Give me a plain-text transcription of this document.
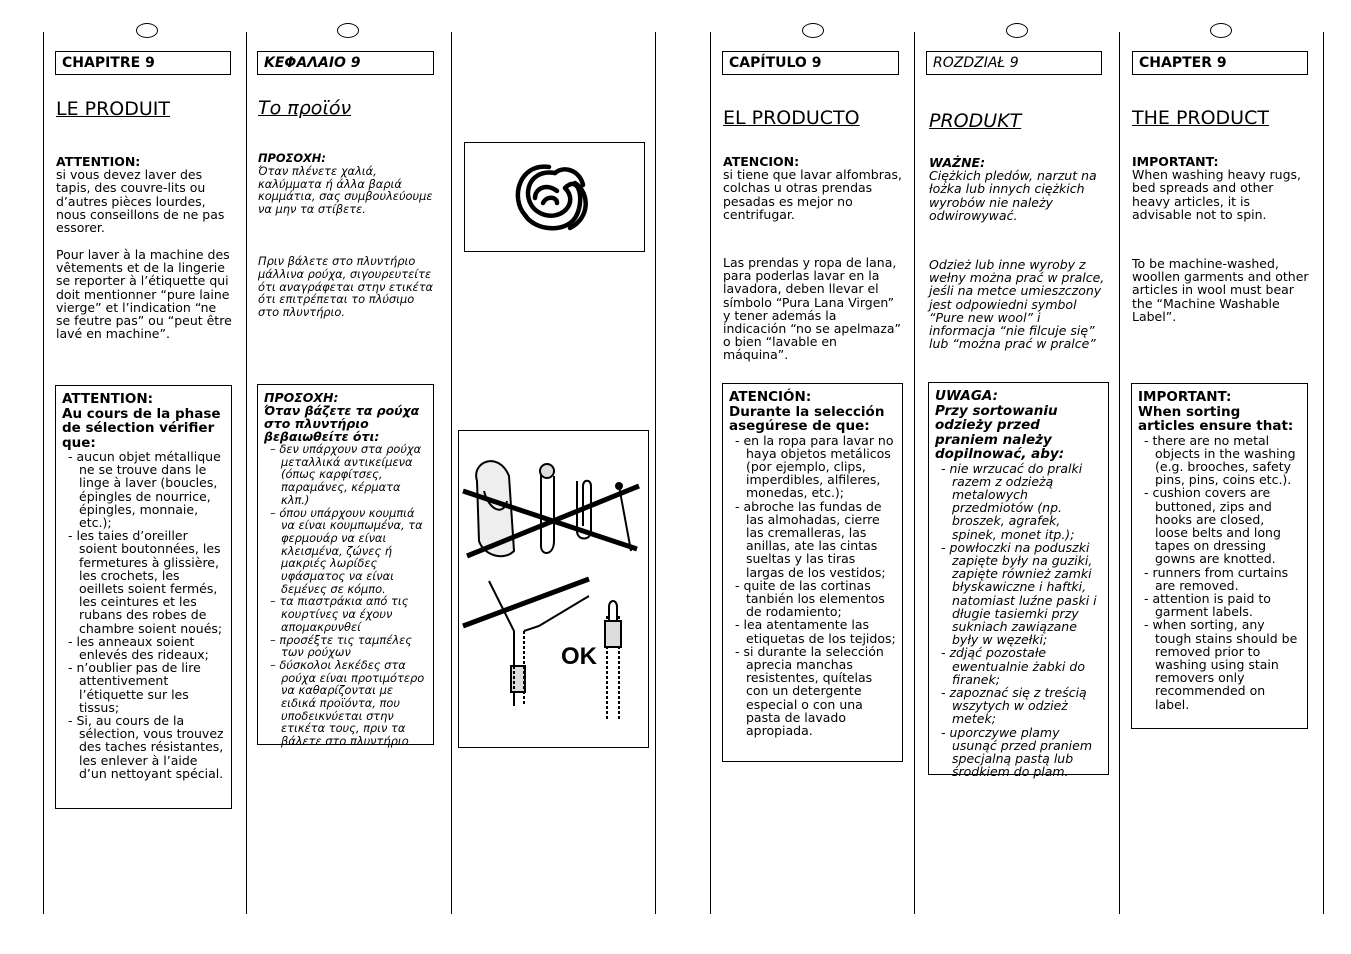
CHAPITRE 9
LE PRODUIT

ATTENTION:

si vous devez laver des tapis, des couvre-lits ou d’autres pièces lourdes, nous conseillons de ne pas essorer.

Pour laver à la machine des vêtements et de la lingerie se reporter à l’étiquette qui doit mentionner “pure laine vierge” et l’indication “ne se feutre pas” ou “peut être lavé en machine”.
ATTENTION:
Au cours de la phase de sélection vérifier que:
- aucun objet métallique ne se trouve dans le linge à laver (boucles, épingles de nourrice, épingles, monnaie, etc.);
- les taies d’oreiller soient boutonnées, les fermetures à glissière, les crochets, les oeillets soient fermés, les ceintures et les rubans des robes de chambre soient noués;
- les anneaux soient enlevés des rideaux;
- n’oublier pas de lire attentivement l’étiquette sur les tissus;
- Si, au cours de la sélection, vous trouvez des taches résistantes, les enlever à l’aide d’un nettoyant spécial.
ΚΕΦΑΛΑΙΟ 9
Το προϊόν

ΠΡΟΣΟΧΗ:

Όταν πλένετε χαλιά, καλύμματα ή άλλα βαριά κομμάτια, σας συμβουλεύουμε να μην τα στίβετε.

Πριν βάλετε στο πλυντήριο μάλλινα ρούχα, σιγουρευτείτε ότι αναγράφεται στην ετικέτα ότι επιτρέπεται το πλύσιμο στο πλυντήριο.
ΠΡΟΣΟΧΗ:
Όταν βάζετε τα ρούχα στο πλυντήριο βεβαιωθείτε ότι:
– δεν υπάρχουν στα ρούχα μεταλλικά αντικείμενα (όπως καρφίτσες, παραμάνες, κέρματα κλπ.)
– όπου υπάρχουν κουμπιά να είναι κουμπωμένα, τα φερμουάρ να είναι κλεισμένα, ζώνες ή μακριές λωρίδες υφάσματος να είναι δεμένες σε κόμπο.
– τα πιαστράκια από τις κουρτίνες να έχουν απομακρυνθεί
– προσέξτε τις ταμπέλες των ρούχων
– δύσκολοι λεκέδες στα ρούχα είναι προτιμότερο να καθαρίζονται με ειδικά προϊόντα, που υποδεικνύεται στην ετικέτα τους, πριν τα βάλετε στο πλυντήριο
OK
CAPÍTULO 9
EL PRODUCTO

ATENCION:

si tiene que lavar alfombras, colchas u otras prendas pesadas es mejor no centrifugar.

Las prendas y ropa de lana, para poderlas lavar en la lavadora, deben llevar el símbolo “Pura Lana Virgen” y tener además la indicación “no se apelmaza” o bien “lavable en máquina”.
ATENCIÓN:
Durante la selección asegúrese de que:
- en la ropa para lavar no haya objetos metálicos (por ejemplo, clips, imperdibles, alfileres, monedas, etc.);
- abroche las fundas de las almohadas, cierre las cremalleras, las anillas, ate las cintas sueltas y las tiras largas de los vestidos;
- quite de las cortinas tanbién los elementos de rodamiento;
- lea atentamente las etiquetas de los tejidos;
- si durante la selección aprecia manchas resistentes, quítelas con un detergente especial o con una pasta de lavado apropiada.
ROZDZIAŁ 9
PRODUKT

WAŻNE:

Ciężkich pledów, narzut na łożka lub innych ciężkich wyrobów nie należy odwirowywać.

Odzież lub inne wyroby z wełny można prać w pralce, jeśli na metce umieszczony jest odpowiedni symbol “Pure new wool” i informacja “nie filcuje się” lub “można prać w pralce”
UWAGA:
Przy sortowaniu odzieży przed praniem należy dopilnować, aby:
- nie wrzucać do pralki razem z odzieżą metalowych przedmiotów (np. broszek, agrafek, spinek, monet itp.);
- powłoczki na poduszki zapięte były na guziki, zapięte również zamki błyskawiczne i haftki, natomiast luźne paski i długie tasiemki przy sukniach zawiązane były w węzełki;
- zdjąć pozostałe ewentualnie żabki do firanek;
- zapoznać się z treścią wszytych w odzież metek;
- uporczywe plamy usunąć przed praniem specjalną pastą lub środkiem do plam.
CHAPTER 9
THE PRODUCT

IMPORTANT:

When washing heavy rugs, bed spreads and other heavy articles, it is advisable not to spin.

To be machine-washed, woollen garments and other articles in wool must bear the “Machine Washable Label”.
IMPORTANT:
When sorting articles ensure that:
- there are no metal objects in the washing (e.g. brooches, safety pins, pins, coins etc.).
- cushion covers are buttoned, zips and hooks are closed, loose belts and long tapes on dressing gowns are knotted.
- runners from curtains are removed.
- attention is paid to garment labels.
- when sorting, any tough stains should be removed prior to washing using stain removers only recommended on label.
